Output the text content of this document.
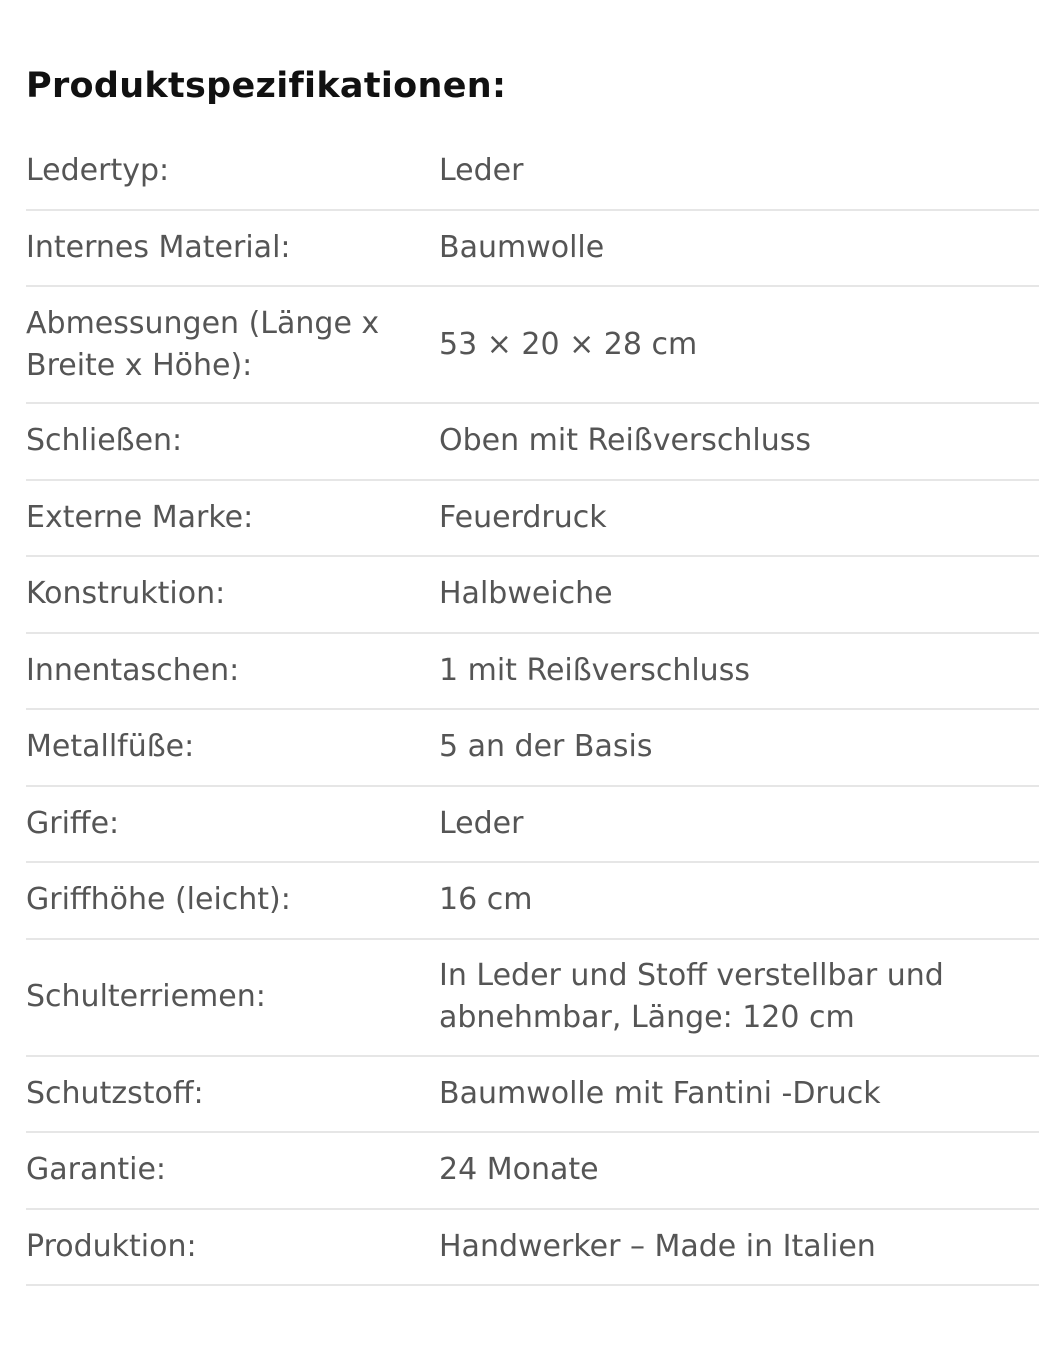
Produktspezifikationen:
Ledertyp:	Leder
Internes Material:	Baumwolle
Abmessungen (Länge x Breite x Höhe):
53 × 20 × 28 cm
Schließen:	Oben mit Reißverschluss
Externe Marke:	Feuerdruck
Konstruktion:	Halbweiche
Innentaschen:	1 mit Reißverschluss
Metallfüße:	5 an der Basis
Griffe:	Leder
Griffhöhe (leicht):	16 cm
Schulterriemen:
In Leder und Stoff verstellbar und abnehmbar, Länge: 120 cm
Schutzstoff:	Baumwolle mit Fantini -Druck
Garantie:	24 Monate
Produktion:	Handwerker – Made in Italien
